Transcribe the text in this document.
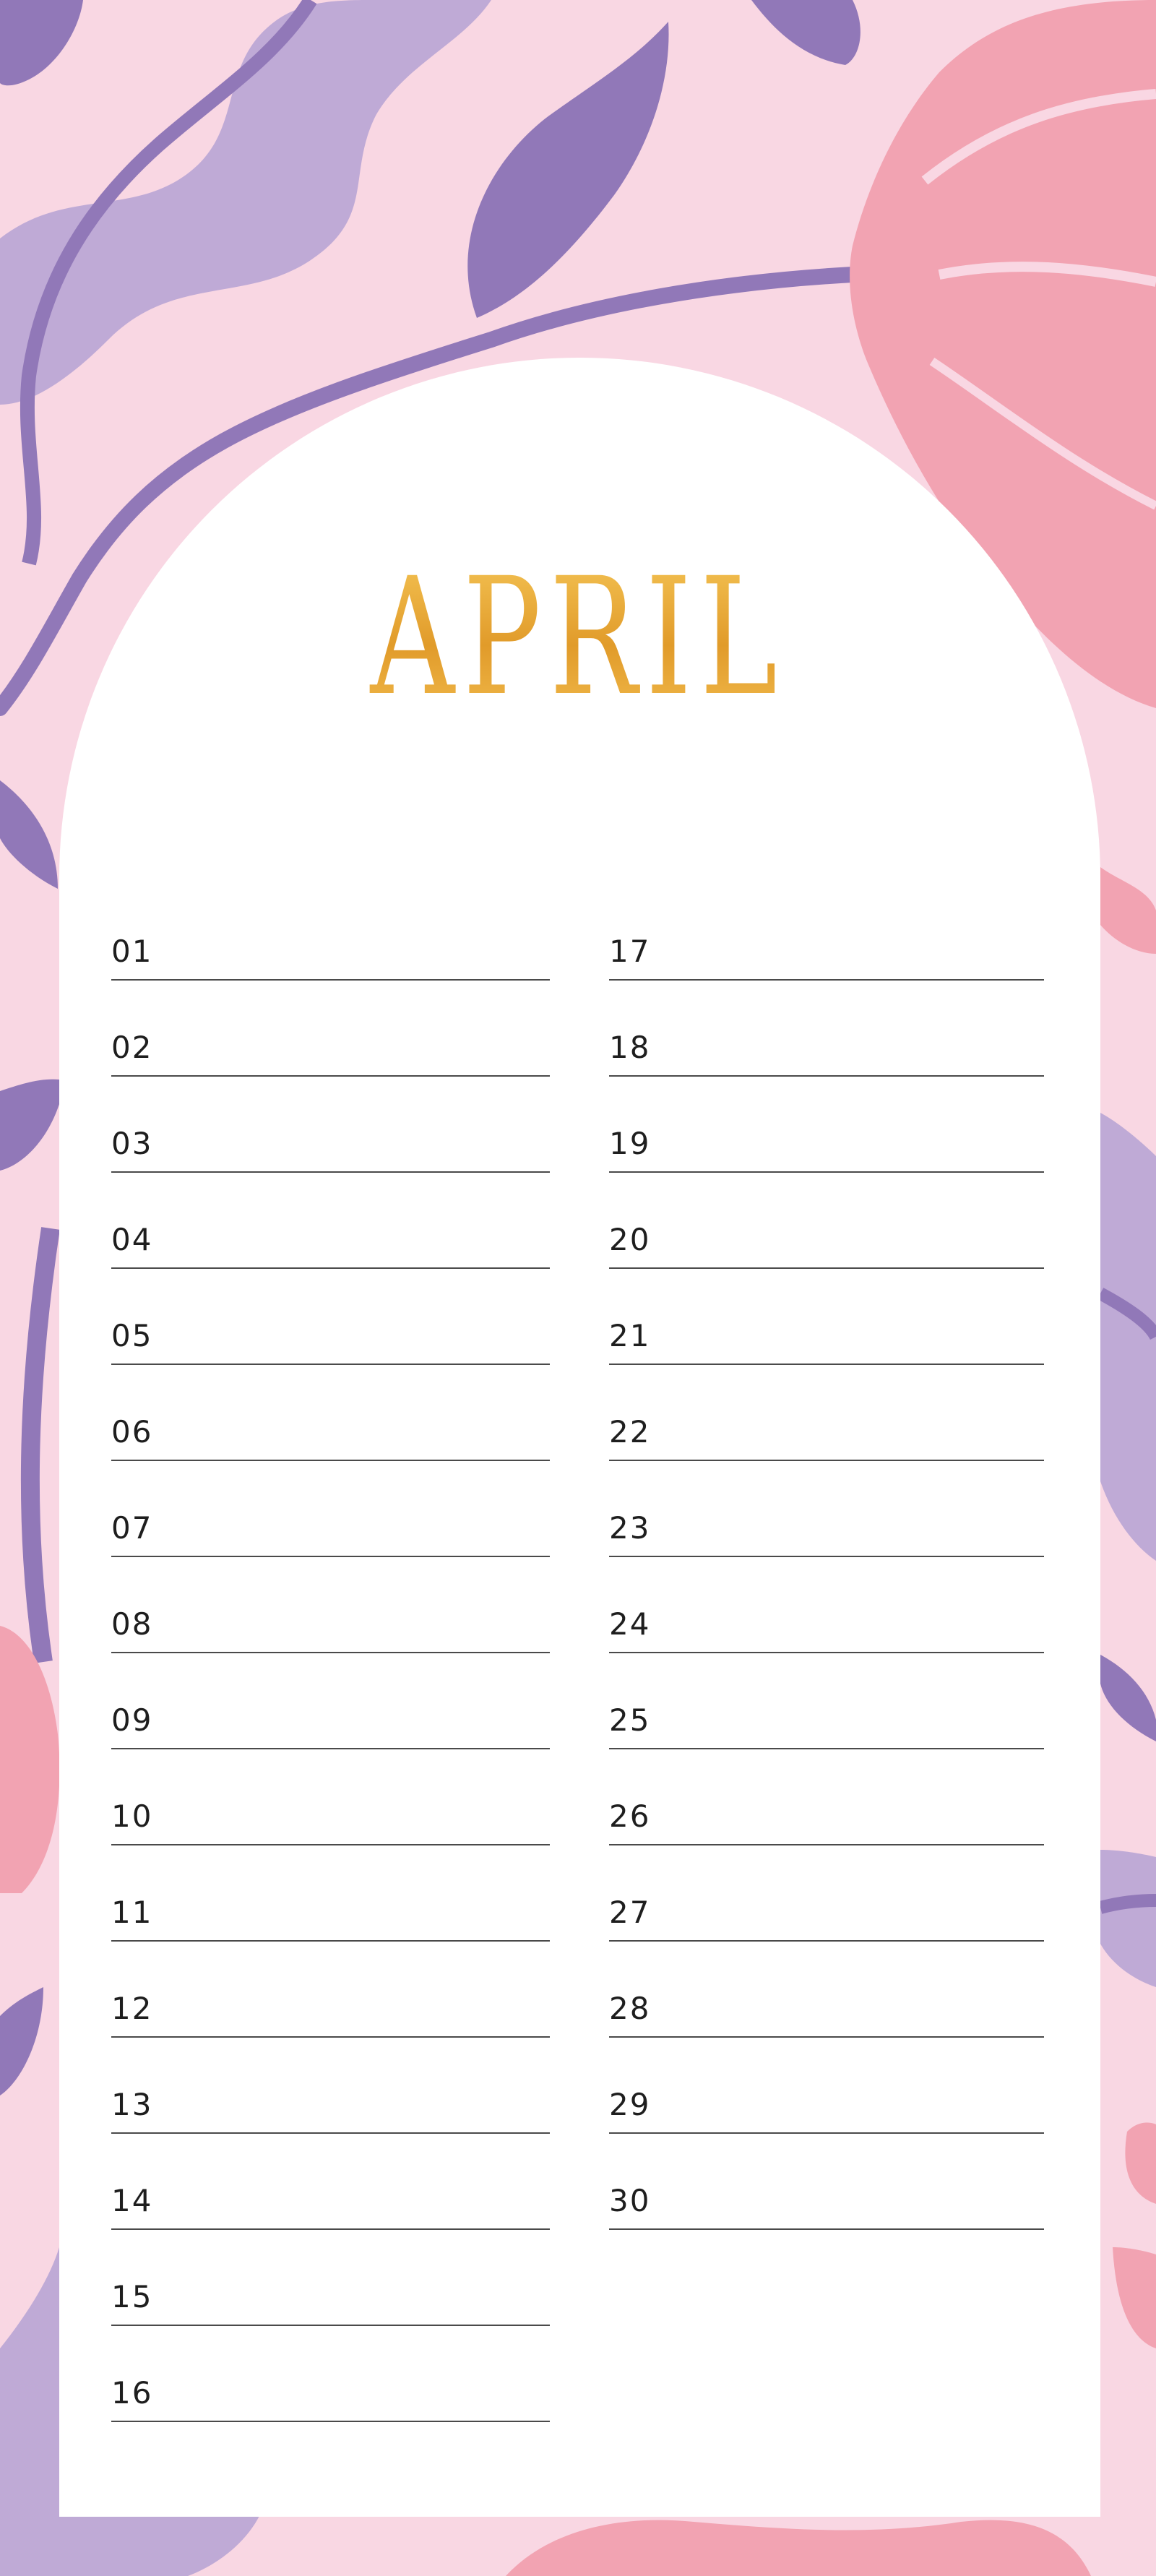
APRIL
01
02
03
04
05
06
07
08
09
10
11
12
13
14
15
16
17
18
19
20
21
22
23
24
25
26
27
28
29
30
